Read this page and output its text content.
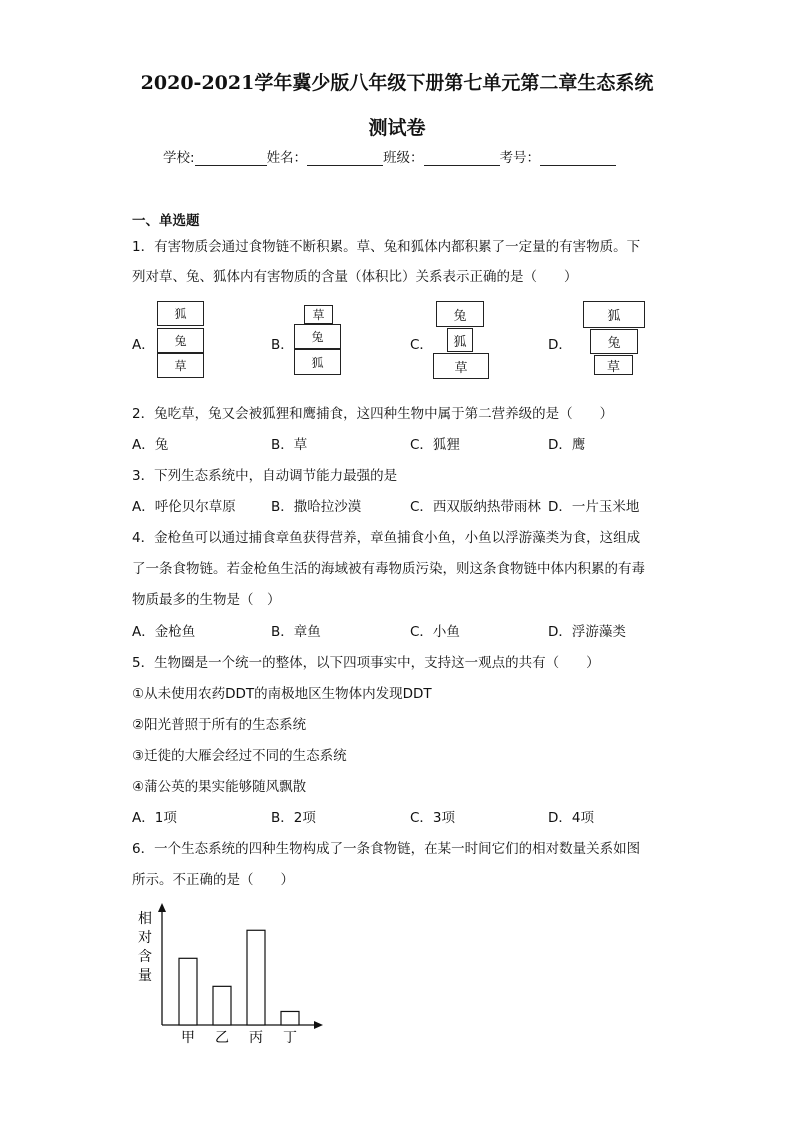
2020-2021学年冀少版八年级下册第七单元第二章生态系统
测试卷
学校:	姓名：	班级：	考号：
一、单选题
1．有害物质会通过食物链不断积累。草、兔和狐体内都积累了一定量的有害物质。下
列对草、兔、狐体内有害物质的含量（体积比）关系表示正确的是（　　）
A．
狐
兔
草
B．
草
兔
狐
C．
兔
狐
草
D．
狐
兔
草
2．兔吃草，兔又会被狐狸和鹰捕食，这四种生物中属于第二营养级的是（　　）
A．兔	B．草	C．狐狸	D．鹰
3．下列生态系统中，自动调节能力最强的是
A．呼伦贝尔草原	B．撒哈拉沙漠	C．西双版纳热带雨林 D．一片玉米地
4．金枪鱼可以通过捕食章鱼获得营养，章鱼捕食小鱼，小鱼以浮游藻类为食，这组成
了一条食物链。若金枪鱼生活的海域被有毒物质污染，则这条食物链中体内积累的有毒
物质最多的生物是（　）
A．金枪鱼	B．章鱼	C．小鱼	D．浮游藻类
5．生物圈是一个统一的整体，以下四项事实中，支持这一观点的共有（　　）
①从未使用农药DDT的南极地区生物体内发现DDT
②阳光普照于所有的生态系统
③迁徙的大雁会经过不同的生态系统
④蒲公英的果实能够随风飘散
A．1项	B．2项	C．3项	D．4项
6．一个生态系统的四种生物构成了一条食物链，在某一时间它们的相对数量关系如图
所示。不正确的是（　　）
相对含量
甲 乙 丙 丁
